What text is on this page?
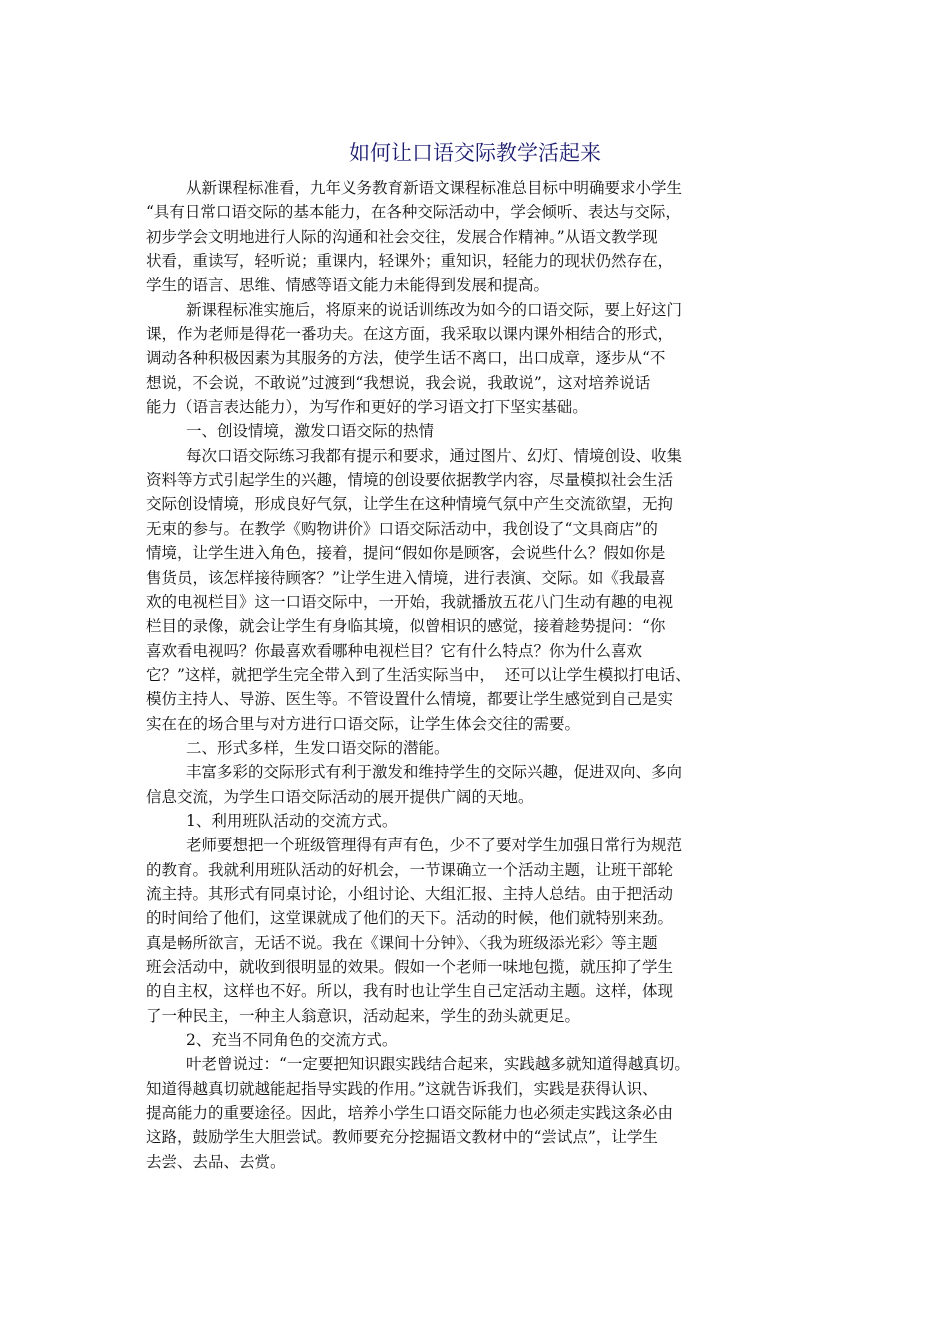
如何让口语交际教学活起来
从新课程标准看，九年义务教育新语文课程标准总目标中明确要求小学生
“具有日常口语交际的基本能力，在各种交际活动中，学会倾听、表达与交际，
初步学会文明地进行人际的沟通和社会交往，发展合作精神。”从语文教学现
状看，重读写，轻听说；重课内，轻课外；重知识，轻能力的现状仍然存在，
学生的语言、思维、情感等语文能力未能得到发展和提高。
新课程标准实施后，将原来的说话训练改为如今的口语交际，要上好这门
课，作为老师是得花一番功夫。在这方面，我采取以课内课外相结合的形式，
调动各种积极因素为其服务的方法，使学生话不离口，出口成章，逐步从“不
想说，不会说，不敢说”过渡到“我想说，我会说，我敢说”，这对培养说话
能力（语言表达能力），为写作和更好的学习语文打下坚实基础。
一、创设情境，激发口语交际的热情
每次口语交际练习我都有提示和要求，通过图片、幻灯、情境创设、收集
资料等方式引起学生的兴趣，情境的创设要依据教学内容，尽量模拟社会生活
交际创设情境，形成良好气氛，让学生在这种情境气氛中产生交流欲望，无拘
无束的参与。在教学《购物讲价》口语交际活动中，我创设了“文具商店”的
情境，让学生进入角色，接着，提问“假如你是顾客，会说些什么？假如你是
售货员，该怎样接待顾客？”让学生进入情境，进行表演、交际。如《我最喜
欢的电视栏目》这一口语交际中，一开始，我就播放五花八门生动有趣的电视
栏目的录像，就会让学生有身临其境，似曾相识的感觉，接着趁势提问：“你
喜欢看电视吗？你最喜欢看哪种电视栏目？它有什么特点？你为什么喜欢
它？”这样，就把学生完全带入到了生活实际当中，  还可以让学生模拟打电话、
模仿主持人、导游、医生等。不管设置什么情境，都要让学生感觉到自己是实
实在在的场合里与对方进行口语交际，让学生体会交往的需要。
二、形式多样，生发口语交际的潜能。
丰富多彩的交际形式有利于激发和维持学生的交际兴趣，促进双向、多向
信息交流，为学生口语交际活动的展开提供广阔的天地。
1、利用班队活动的交流方式。
老师要想把一个班级管理得有声有色，少不了要对学生加强日常行为规范
的教育。我就利用班队活动的好机会，一节课确立一个活动主题，让班干部轮
流主持。其形式有同桌讨论，小组讨论、大组汇报、主持人总结。由于把活动
的时间给了他们，这堂课就成了他们的天下。活动的时候，他们就特别来劲。
真是畅所欲言，无话不说。我在《课间十分钟》、〈我为班级添光彩〉等主题
班会活动中，就收到很明显的效果。假如一个老师一味地包揽，就压抑了学生
的自主权，这样也不好。所以，我有时也让学生自己定活动主题。这样，体现
了一种民主，一种主人翁意识，活动起来，学生的劲头就更足。
2、充当不同角色的交流方式。
叶老曾说过：“一定要把知识跟实践结合起来，实践越多就知道得越真切。
知道得越真切就越能起指导实践的作用。”这就告诉我们，实践是获得认识、
提高能力的重要途径。因此，培养小学生口语交际能力也必须走实践这条必由
这路，鼓励学生大胆尝试。教师要充分挖掘语文教材中的“尝试点”，让学生
去尝、去品、去赏。
